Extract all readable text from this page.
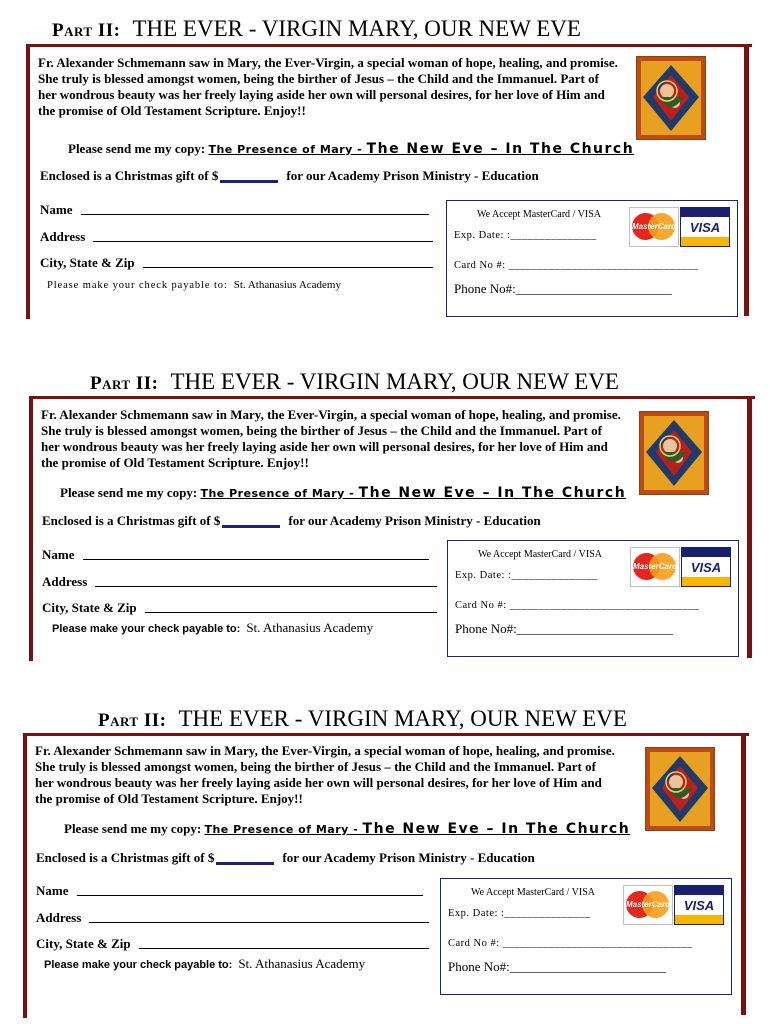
Part II: THE EVER - VIRGIN MARY, OUR NEW EVE
Fr. Alexander Schmemann saw in Mary, the Ever-Virgin, a special woman of hope, healing, and promise. She truly is blessed amongst women, being the birther of Jesus – the Child and the Immanuel. Part of her wondrous beauty was her freely laying aside her own will personal desires, for her love of Him and the promise of Old Testament Scripture. Enjoy!!
Please send me my copy: The Presence of Mary - The New Eve – In The Church
Enclosed is a Christmas gift of $	for our Academy Prison Ministry - Education
Name
Address
City, State & Zip
Please make your check payable to: St. Athanasius Academy
We Accept MasterCard / VISA
Exp. Date: :_______________
Card No #: _________________________________
Phone No#:________________________
MasterCard	VISA
Part II: THE EVER - VIRGIN MARY, OUR NEW EVE
Fr. Alexander Schmemann saw in Mary, the Ever-Virgin, a special woman of hope, healing, and promise. She truly is blessed amongst women, being the birther of Jesus – the Child and the Immanuel. Part of her wondrous beauty was her freely laying aside her own will personal desires, for her love of Him and the promise of Old Testament Scripture. Enjoy!!
Please send me my copy: The Presence of Mary - The New Eve – In The Church
Enclosed is a Christmas gift of $	for our Academy Prison Ministry - Education
Name
Address
City, State & Zip
Please make your check payable to: St. Athanasius Academy
We Accept MasterCard / VISA
Exp. Date: :_______________
Card No #: _________________________________
Phone No#:________________________
MasterCard	VISA
Part II: THE EVER - VIRGIN MARY, OUR NEW EVE
Fr. Alexander Schmemann saw in Mary, the Ever-Virgin, a special woman of hope, healing, and promise. She truly is blessed amongst women, being the birther of Jesus – the Child and the Immanuel. Part of her wondrous beauty was her freely laying aside her own will personal desires, for her love of Him and the promise of Old Testament Scripture. Enjoy!!
Please send me my copy: The Presence of Mary - The New Eve – In The Church
Enclosed is a Christmas gift of $	for our Academy Prison Ministry - Education
Name
Address
City, State & Zip
Please make your check payable to: St. Athanasius Academy
We Accept MasterCard / VISA
Exp. Date: :_______________
Card No #: _________________________________
Phone No#:________________________
MasterCard	VISA
